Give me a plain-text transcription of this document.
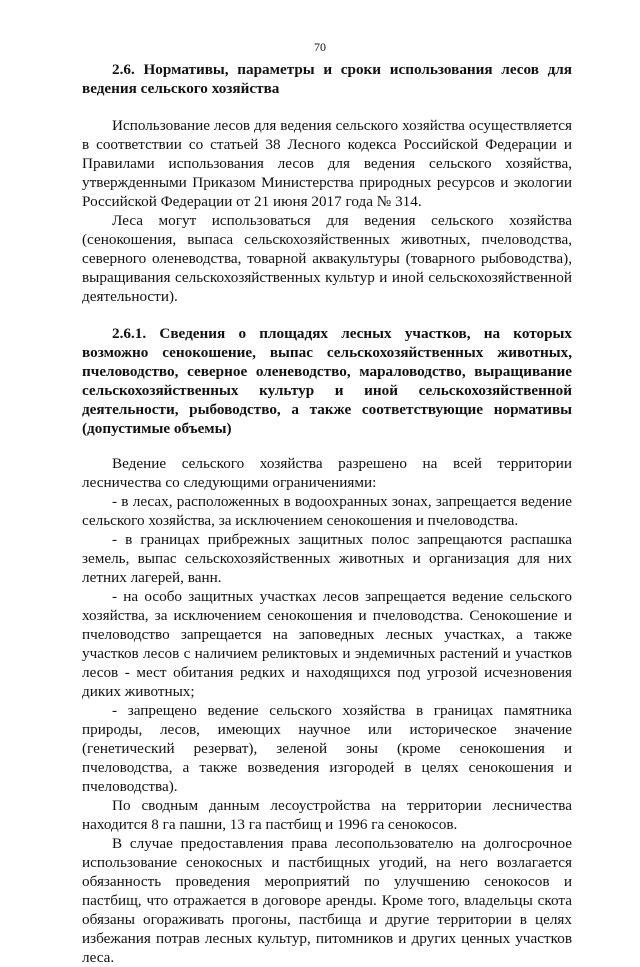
70
2.6. Нормативы, параметры и сроки использования лесов для ведения сельского хозяйства

Использование лесов для ведения сельского хозяйства осуществляется в соответствии со статьей 38 Лесного кодекса Российской Федерации и Правилами использования лесов для ведения сельского хозяйства, утвержденными Приказом Министерства природных ресурсов и экологии Российской Федерации от 21 июня 2017 года № 314.

Леса могут использоваться для ведения сельского хозяйства (сенокошения, выпаса сельскохозяйственных животных, пчеловодства, северного оленеводства, товарной аквакультуры (товарного рыбоводства), выращивания сельскохозяйственных культур и иной сельскохозяйственной деятельности).

2.6.1. Сведения о площадях лесных участков, на которых возможно сенокошение, выпас сельскохозяйственных животных, пчеловодство, северное оленеводство, мараловодство, выращивание сельскохозяйственных культур и иной сельскохозяйственной деятельности, рыбоводство, а также соответствующие нормативы (допустимые объемы)

Ведение сельского хозяйства разрешено на всей территории лесничества со следующими ограничениями:

- в лесах, расположенных в водоохранных зонах, запрещается ведение сельского хозяйства, за исключением сенокошения и пчеловодства.

- в границах прибрежных защитных полос запрещаются распашка земель, выпас сельскохозяйственных животных и организация для них летних лагерей, ванн.

- на особо защитных участках лесов запрещается ведение сельского хозяйства, за исключением сенокошения и пчеловодства. Сенокошение и пчеловодство запрещается на заповедных лесных участках, а также участков лесов с наличием реликтовых и эндемичных растений и участков лесов - мест обитания редких и находящихся под угрозой исчезновения диких животных;

- запрещено ведение сельского хозяйства в границах памятника природы, лесов, имеющих научное или историческое значение (генетический резерват), зеленой зоны (кроме сенокошения и пчеловодства, а также возведения изгородей в целях сенокошения и пчеловодства).

По сводным данным лесоустройства на территории лесничества находится 8 га пашни, 13 га пастбищ и 1996 га сенокосов.

В случае предоставления права лесопользователю на долгосрочное использование сенокосных и пастбищных угодий, на него возлагается обязанность проведения мероприятий по улучшению сенокосов и пастбищ, что отражается в договоре аренды. Кроме того, владельцы скота обязаны огораживать прогоны, пастбища и другие территории в целях избежания потрав лесных культур, питомников и других ценных участков леса.
